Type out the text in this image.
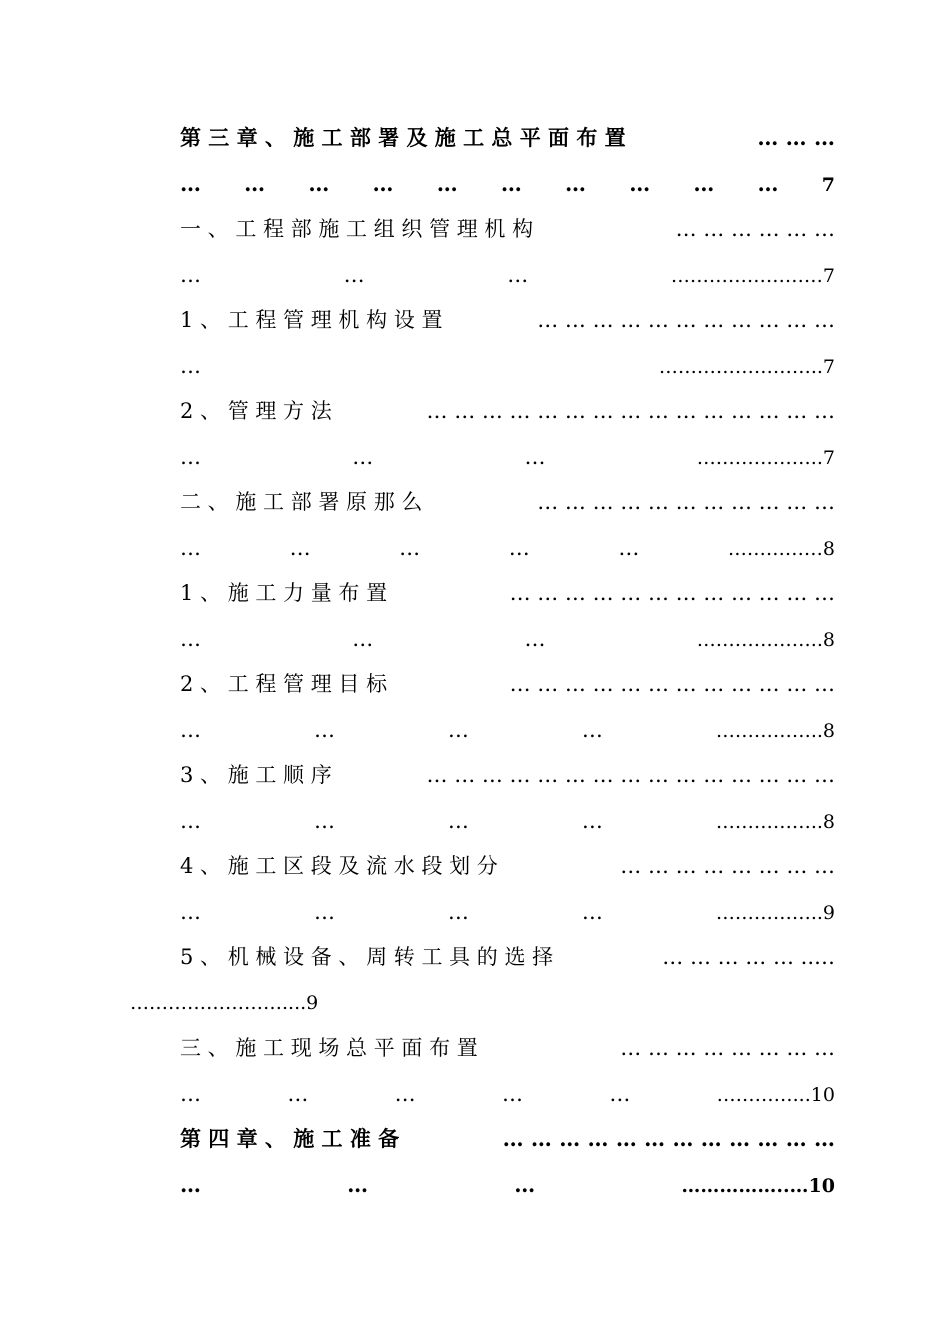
第 三 章 、 施 工 部 署 及 施 工 总 平 面 布 置	… … …
… … … … … … … … … … 7
一 、 工 程 部 施 工 组 织 管 理 机 构	… … … … … …
…	…	…	……………………7
1 、 工 程 管 理 机 构 设 置	… … … … … … … … … … …
…	……………………..7
2 、 管 理 方 法	… … … … … … … … … … … … … … …
…	…	…	………………..7
二 、 施 工 部 署 原 那 么	… … … … … … … … … … …
…	…	…	…	…	……………8
1 、 施 工 力 量 布 置	… … … … … … … … … … … …
…	…	…	………………..8
2 、 工 程 管 理 目 标	… … … … … … … … … … … …
…	…	…	…	……………..8
3 、 施 工 顺 序	… … … … … … … … … … … … … … …
…	…	…	…	……………..8
4 、 施 工 区 段 及 流 水 段 划 分	… … … … … … … …
…	…	…	…	……………..9
5 、 机 械 设 备 、 周 转 工 具 的 选 择	… … … … … ..…
……………………....9
三 、 施 工 现 场 总 平 面 布 置	… … … … … … … …
…	…	…	…	…	…………...10
第 四 章 、 施 工 准 备	… … … … … … … … … … … …
…	…	…	……………..…10
